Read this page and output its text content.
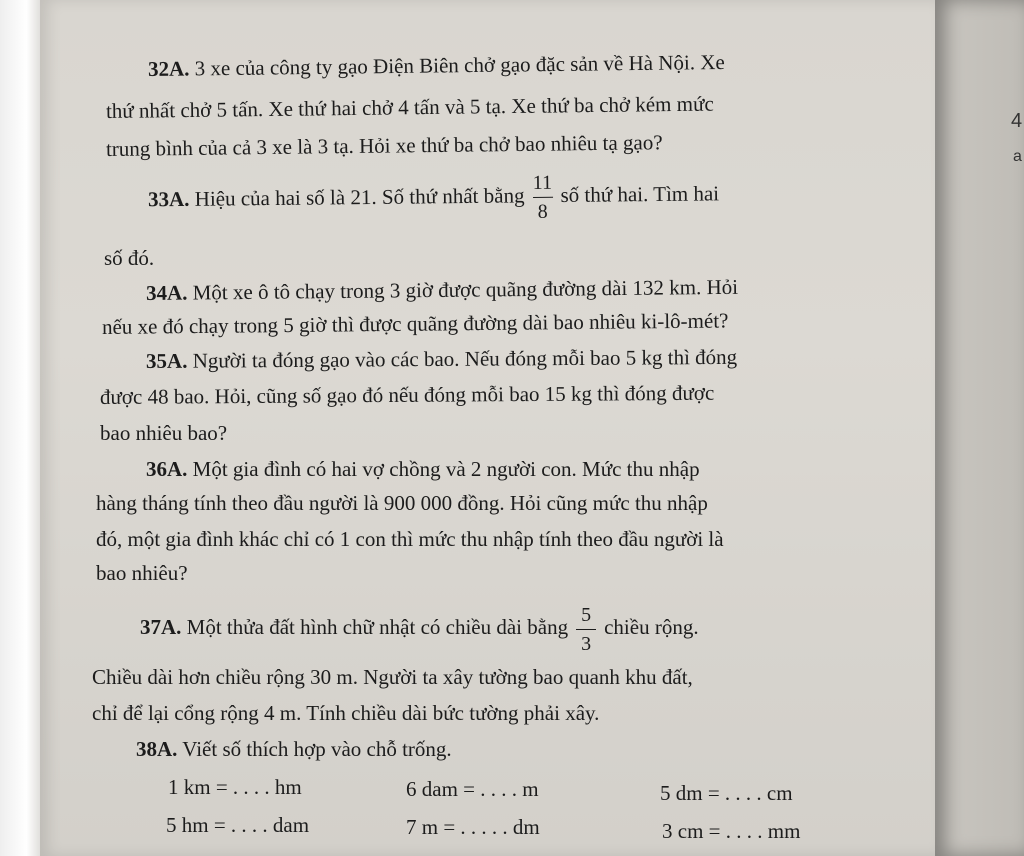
32A. 3 xe của công ty gạo Điện Biên chở gạo đặc sản về Hà Nội. Xe

thứ nhất chở 5 tấn. Xe thứ hai chở 4 tấn và 5 tạ. Xe thứ ba chở kém mức

trung bình của cả 3 xe là 3 tạ. Hỏi xe thứ ba chở bao nhiêu tạ gạo?

33A. Hiệu của hai số là 21. Số thứ nhất bằng $\frac{11}{8}$ số thứ hai. Tìm hai

số đó.

34A. Một xe ô tô chạy trong 3 giờ được quãng đường dài 132 km. Hỏi

nếu xe đó chạy trong 5 giờ thì được quãng đường dài bao nhiêu ki-lô-mét?

35A. Người ta đóng gạo vào các bao. Nếu đóng mỗi bao 5 kg thì đóng

được 48 bao. Hỏi, cũng số gạo đó nếu đóng mỗi bao 15 kg thì đóng được

bao nhiêu bao?

36A. Một gia đình có hai vợ chồng và 2 người con. Mức thu nhập

hàng tháng tính theo đầu người là 900 000 đồng. Hỏi cũng mức thu nhập

đó, một gia đình khác chỉ có 1 con thì mức thu nhập tính theo đầu người là

bao nhiêu?

37A. Một thửa đất hình chữ nhật có chiều dài bằng $\frac{5}{3}$ chiều rộng.

Chiều dài hơn chiều rộng 30 m. Người ta xây tường bao quanh khu đất,

chỉ để lại cổng rộng 4 m. Tính chiều dài bức tường phải xây.

38A. Viết số thích hợp vào chỗ trống.

1 km = . . . . hm	6 dam = . . . . m	5 dm = . . . . cm
5 hm = . . . . dam	7 m = . . . . . dm	3 cm = . . . . mm
4
a
